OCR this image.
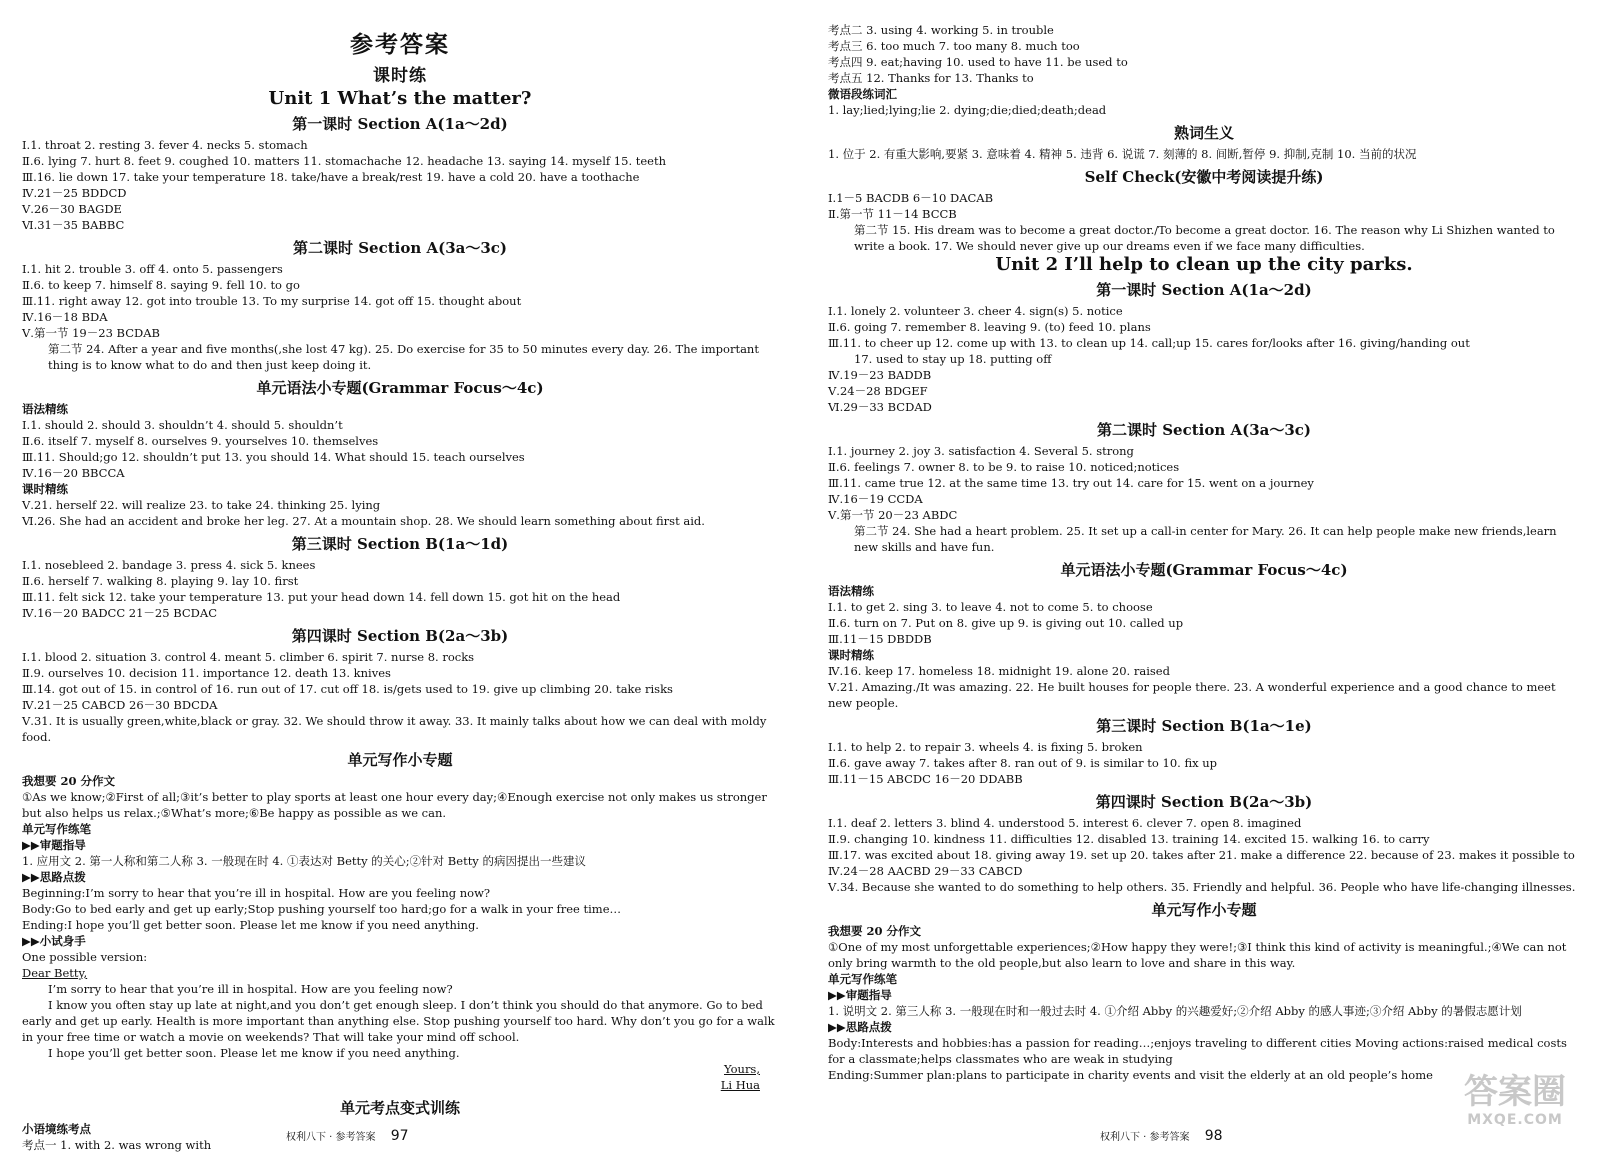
参考答案
课时练
Unit 1 What’s the matter?
第一课时 Section A(1a～2d)
Ⅰ.1. throat 2. resting 3. fever 4. necks 5. stomach
Ⅱ.6. lying 7. hurt 8. feet 9. coughed 10. matters 11. stomachache 12. headache 13. saying 14. myself 15. teeth
Ⅲ.16. lie down 17. take your temperature 18. take/have a break/rest 19. have a cold 20. have a toothache
Ⅳ.21－25 BDDCD
Ⅴ.26－30 BAGDE
Ⅵ.31－35 BABBC
第二课时 Section A(3a～3c)
Ⅰ.1. hit 2. trouble 3. off 4. onto 5. passengers
Ⅱ.6. to keep 7. himself 8. saying 9. fell 10. to go
Ⅲ.11. right away 12. got into trouble 13. To my surprise 14. got off 15. thought about
Ⅳ.16－18 BDA
Ⅴ.第一节 19－23 BCDAB
第二节 24. After a year and five months(,she lost 47 kg). 25. Do exercise for 35 to 50 minutes every day. 26. The important thing is to know what to do and then just keep doing it.
单元语法小专题(Grammar Focus～4c)
语法精练
Ⅰ.1. should 2. should 3. shouldn’t 4. should 5. shouldn’t
Ⅱ.6. itself 7. myself 8. ourselves 9. yourselves 10. themselves
Ⅲ.11. Should;go 12. shouldn’t put 13. you should 14. What should 15. teach ourselves
Ⅳ.16－20 BBCCA
课时精练
Ⅴ.21. herself 22. will realize 23. to take 24. thinking 25. lying
Ⅵ.26. She had an accident and broke her leg. 27. At a mountain shop. 28. We should learn something about first aid.
第三课时 Section B(1a～1d)
Ⅰ.1. nosebleed 2. bandage 3. press 4. sick 5. knees
Ⅱ.6. herself 7. walking 8. playing 9. lay 10. first
Ⅲ.11. felt sick 12. take your temperature 13. put your head down 14. fell down 15. got hit on the head
Ⅳ.16－20 BADCC 21－25 BCDAC
第四课时 Section B(2a～3b)
Ⅰ.1. blood 2. situation 3. control 4. meant 5. climber 6. spirit 7. nurse 8. rocks
Ⅱ.9. ourselves 10. decision 11. importance 12. death 13. knives
Ⅲ.14. got out of 15. in control of 16. run out of 17. cut off 18. is/gets used to 19. give up climbing 20. take risks
Ⅳ.21－25 CABCD 26－30 BDCDA
Ⅴ.31. It is usually green,white,black or gray. 32. We should throw it away. 33. It mainly talks about how we can deal with moldy food.
单元写作小专题
我想要 20 分作文
①As we know;②First of all;③it’s better to play sports at least one hour every day;④Enough exercise not only makes us stronger but also helps us relax.;⑤What’s more;⑥Be happy as possible as we can.
单元写作练笔
▶▶审题指导
1. 应用文 2. 第一人称和第二人称 3. 一般现在时 4. ①表达对 Betty 的关心;②针对 Betty 的病因提出一些建议
▶▶思路点拨
Beginning:I’m sorry to hear that you’re ill in hospital. How are you feeling now?
Body:Go to bed early and get up early;Stop pushing yourself too hard;go for a walk in your free time…
Ending:I hope you’ll get better soon. Please let me know if you need anything.
▶▶小试身手
One possible version:

Dear Betty,

I’m sorry to hear that you’re ill in hospital. How are you feeling now?

I know you often stay up late at night,and you don’t get enough sleep. I don’t think you should do that anymore. Go to bed early and get up early. Health is more important than anything else. Stop pushing yourself too hard. Why don’t you go for a walk in your free time or watch a movie on weekends? That will take your mind off school.

I hope you’ll get better soon. Please let me know if you need anything.

Yours,
Li Hua
单元考点变式训练
小语境练考点
考点一 1. with 2. was wrong with
权利八下 · 参考答案 97
考点二 3. using 4. working 5. in trouble
考点三 6. too much 7. too many 8. much too
考点四 9. eat;having 10. used to have 11. be used to
考点五 12. Thanks for 13. Thanks to
微语段练词汇
1. lay;lied;lying;lie 2. dying;die;died;death;dead
熟词生义
1. 位于 2. 有重大影响,要紧 3. 意味着 4. 精神 5. 违背 6. 说谎 7. 刻薄的 8. 间断,暂停 9. 抑制,克制 10. 当前的状况
Self Check(安徽中考阅读提升练)
Ⅰ.1－5 BACDB 6－10 DACAB
Ⅱ.第一节 11－14 BCCB
第二节 15. His dream was to become a great doctor./To become a great doctor. 16. The reason why Li Shizhen wanted to write a book. 17. We should never give up our dreams even if we face many difficulties.
Unit 2 I’ll help to clean up the city parks.
第一课时 Section A(1a～2d)
Ⅰ.1. lonely 2. volunteer 3. cheer 4. sign(s) 5. notice
Ⅱ.6. going 7. remember 8. leaving 9. (to) feed 10. plans
Ⅲ.11. to cheer up 12. come up with 13. to clean up 14. call;up 15. cares for/looks after 16. giving/handing out
17. used to stay up 18. putting off
Ⅳ.19－23 BADDB
Ⅴ.24－28 BDGEF
Ⅵ.29－33 BCDAD
第二课时 Section A(3a～3c)
Ⅰ.1. journey 2. joy 3. satisfaction 4. Several 5. strong
Ⅱ.6. feelings 7. owner 8. to be 9. to raise 10. noticed;notices
Ⅲ.11. came true 12. at the same time 13. try out 14. care for 15. went on a journey
Ⅳ.16－19 CCDA
Ⅴ.第一节 20－23 ABDC
第二节 24. She had a heart problem. 25. It set up a call-in center for Mary. 26. It can help people make new friends,learn new skills and have fun.
单元语法小专题(Grammar Focus～4c)
语法精练
Ⅰ.1. to get 2. sing 3. to leave 4. not to come 5. to choose
Ⅱ.6. turn on 7. Put on 8. give up 9. is giving out 10. called up
Ⅲ.11－15 DBDDB
课时精练
Ⅳ.16. keep 17. homeless 18. midnight 19. alone 20. raised
Ⅴ.21. Amazing./It was amazing. 22. He built houses for people there. 23. A wonderful experience and a good chance to meet new people.
第三课时 Section B(1a～1e)
Ⅰ.1. to help 2. to repair 3. wheels 4. is fixing 5. broken
Ⅱ.6. gave away 7. takes after 8. ran out of 9. is similar to 10. fix up
Ⅲ.11－15 ABCDC 16－20 DDABB
第四课时 Section B(2a～3b)
Ⅰ.1. deaf 2. letters 3. blind 4. understood 5. interest 6. clever 7. open 8. imagined
Ⅱ.9. changing 10. kindness 11. difficulties 12. disabled 13. training 14. excited 15. walking 16. to carry
Ⅲ.17. was excited about 18. giving away 19. set up 20. takes after 21. make a difference 22. because of 23. makes it possible to
Ⅳ.24－28 AACBD 29－33 CABCD
Ⅴ.34. Because she wanted to do something to help others. 35. Friendly and helpful. 36. People who have life-changing illnesses.
单元写作小专题
我想要 20 分作文
①One of my most unforgettable experiences;②How happy they were!;③I think this kind of activity is meaningful.;④We can not only bring warmth to the old people,but also learn to love and share in this way.
单元写作练笔
▶▶审题指导
1. 说明文 2. 第三人称 3. 一般现在时和一般过去时 4. ①介绍 Abby 的兴趣爱好;②介绍 Abby 的感人事迹;③介绍 Abby 的暑假志愿计划
▶▶思路点拨
Body:Interests and hobbies:has a passion for reading…;enjoys traveling to different cities Moving actions:raised medical costs for a classmate;helps classmates who are weak in studying
Ending:Summer plan:plans to participate in charity events and visit the elderly at an old people’s home
权利八下 · 参考答案 98
答案圈
MXQE.COM
